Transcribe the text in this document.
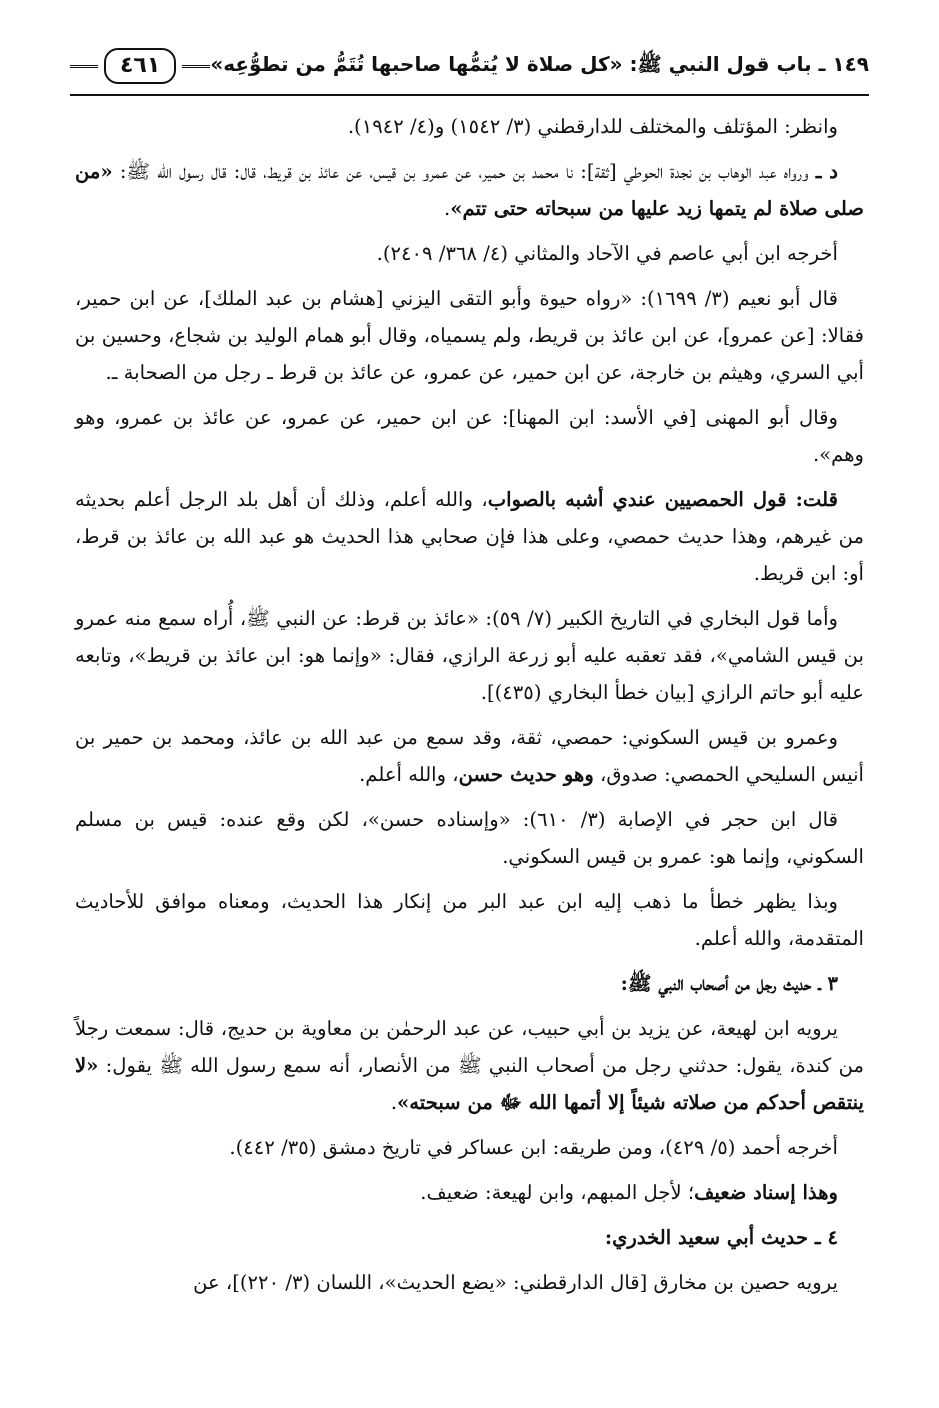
١٤٩ ـ باب قول النبي ﷺ: «كل صلاة لا يُتمُّها صاحبها تُتَمُّ من تطوُّعِه»
٤٦١

وانظر: المؤتلف والمختلف للدارقطني (٣/ ١٥٤٢) و(٤/ ١٩٤٢).

د ـ ورواه عبد الوهاب بن نجدة الحوطي [ثقة]: نا محمد بن حمير، عن عمرو بن قيس، عن عائذ بن قريط، قال: قال رسول الله ﷺ: «من صلى صلاة لم يتمها زيد عليها من سبحاته حتى تتم».

أخرجه ابن أبي عاصم في الآحاد والمثاني (٤/ ٣٦٨/ ٢٤٠٩).

قال أبو نعيم (٣/ ١٦٩٩): «رواه حيوة وأبو التقى اليزني [هشام بن عبد الملك]، عن ابن حمير، فقالا: [عن عمرو]، عن ابن عائذ بن قريط، ولم يسمياه، وقال أبو همام الوليد بن شجاع، وحسين بن أبي السري، وهيثم بن خارجة، عن ابن حمير، عن عمرو، عن عائذ بن قرط ـ رجل من الصحابة ـ.

وقال أبو المهنى [في الأسد: ابن المهنا]: عن ابن حمير، عن عمرو، عن عائذ بن عمرو، وهو وهم».

قلت: قول الحمصيين عندي أشبه بالصواب، والله أعلم، وذلك أن أهل بلد الرجل أعلم بحديثه من غيرهم، وهذا حديث حمصي، وعلى هذا فإن صحابي هذا الحديث هو عبد الله بن عائذ بن قرط، أو: ابن قريط.

وأما قول البخاري في التاريخ الكبير (٧/ ٥٩): «عائذ بن قرط: عن النبي ﷺ، أُراه سمع منه عمرو بن قيس الشامي»، فقد تعقبه عليه أبو زرعة الرازي، فقال: «وإنما هو: ابن عائذ بن قريط»، وتابعه عليه أبو حاتم الرازي [بيان خطأ البخاري (٤٣٥)].

وعمرو بن قيس السكوني: حمصي، ثقة، وقد سمع من عبد الله بن عائذ، ومحمد بن حمير بن أنيس السليحي الحمصي: صدوق، وهو حديث حسن، والله أعلم.

قال ابن حجر في الإصابة (٣/ ٦١٠): «وإسناده حسن»، لكن وقع عنده: قيس بن مسلم السكوني، وإنما هو: عمرو بن قيس السكوني.

وبذا يظهر خطأ ما ذهب إليه ابن عبد البر من إنكار هذا الحديث، ومعناه موافق للأحاديث المتقدمة، والله أعلم.

٣ ـ حديث رجل من أصحاب النبي ﷺ:

يرويه ابن لهيعة، عن يزيد بن أبي حبيب، عن عبد الرحمٰن بن معاوية بن حديج، قال: سمعت رجلاً من كندة، يقول: حدثني رجل من أصحاب النبي ﷺ من الأنصار، أنه سمع رسول الله ﷺ يقول: «لا ينتقص أحدكم من صلاته شيئاً إلا أتمها الله ﷻ من سبحته».

أخرجه أحمد (٥/ ٤٢٩)، ومن طريقه: ابن عساكر في تاريخ دمشق (٣٥/ ٤٤٢).

وهذا إسناد ضعيف؛ لأجل المبهم، وابن لهيعة: ضعيف.

٤ ـ حديث أبي سعيد الخدري:

يرويه حصين بن مخارق [قال الدارقطني: «يضع الحديث»، اللسان (٣/ ٢٢٠)]، عن
